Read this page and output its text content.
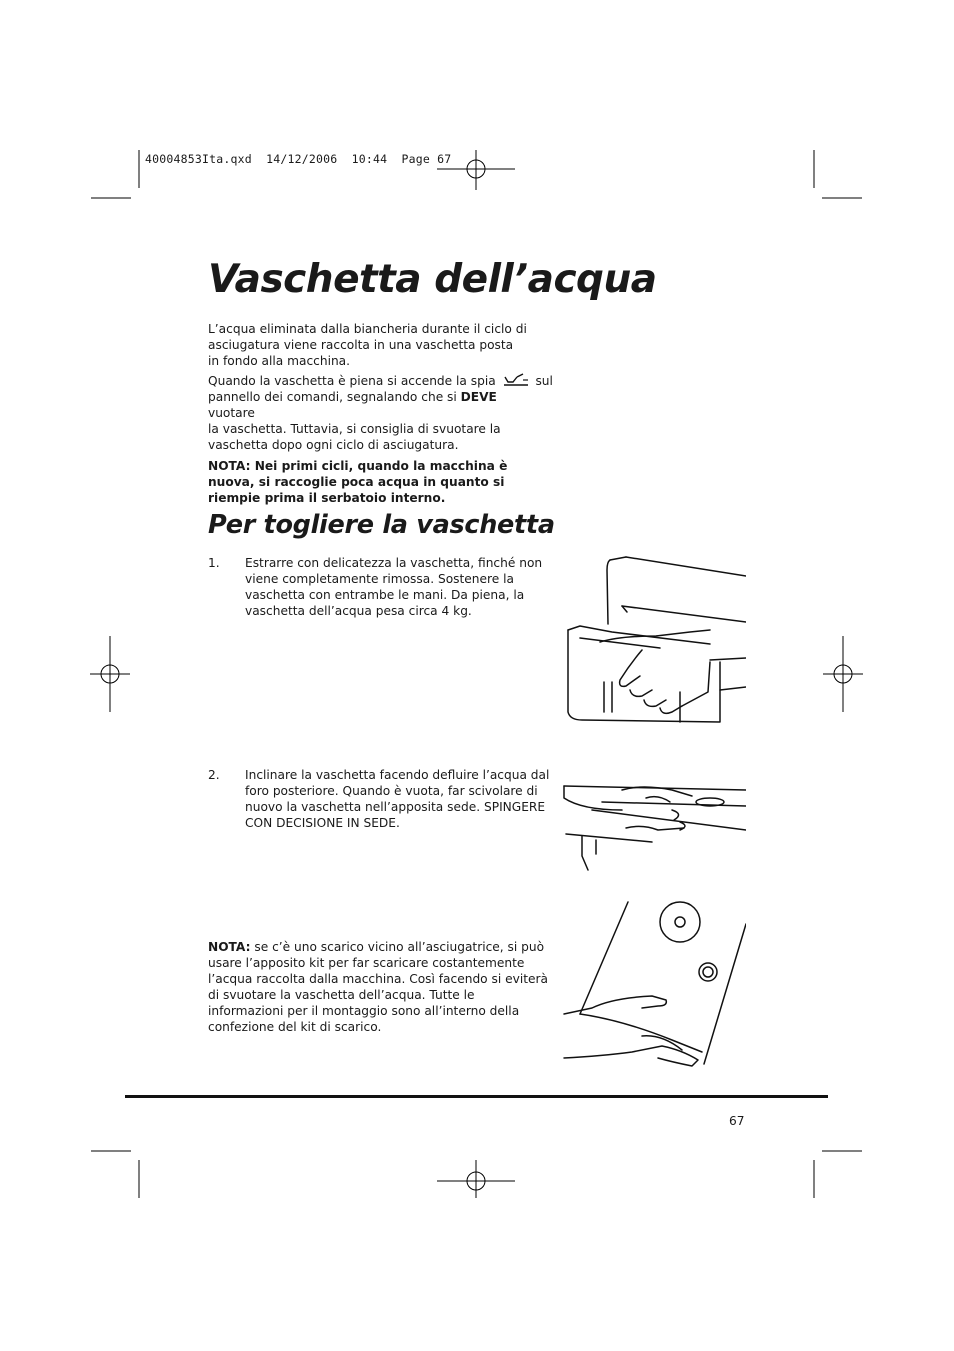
40004853Ita.qxd  14/12/2006  10:44  Page 67
Vaschetta dell’acqua

L’acqua eliminata dalla biancheria durante il ciclo di asciugatura viene raccolta in una vaschetta posta in fondo alla macchina.

Quando la vaschetta è piena si accende la spia	sul

pannello dei comandi, segnalando che si DEVE vuotare

la vaschetta. Tuttavia, si consiglia di svuotare la vaschetta dopo ogni ciclo di asciugatura.

NOTA: Nei primi cicli, quando la macchina è nuova, si raccoglie poca acqua in quanto si riempie prima il serbatoio interno.

Per togliere la vaschetta
1. Estrarre con delicatezza la vaschetta, finché non viene completamente rimossa. Sostenere la vaschetta con entrambe le mani. Da piena, la vaschetta dell’acqua pesa circa 4 kg.
2. Inclinare la vaschetta facendo defluire l’acqua dal foro posteriore. Quando è vuota, far scivolare di nuovo la vaschetta nell’apposita sede. SPINGERE CON DECISIONE IN SEDE.
NOTA: se c’è uno scarico vicino all’asciugatrice, si può usare l’apposito kit per far scaricare costantemente l’acqua raccolta dalla macchina. Così facendo si eviterà di svuotare la vaschetta dell’acqua. Tutte le informazioni per il montaggio sono all’interno della confezione del kit di scarico.
67
